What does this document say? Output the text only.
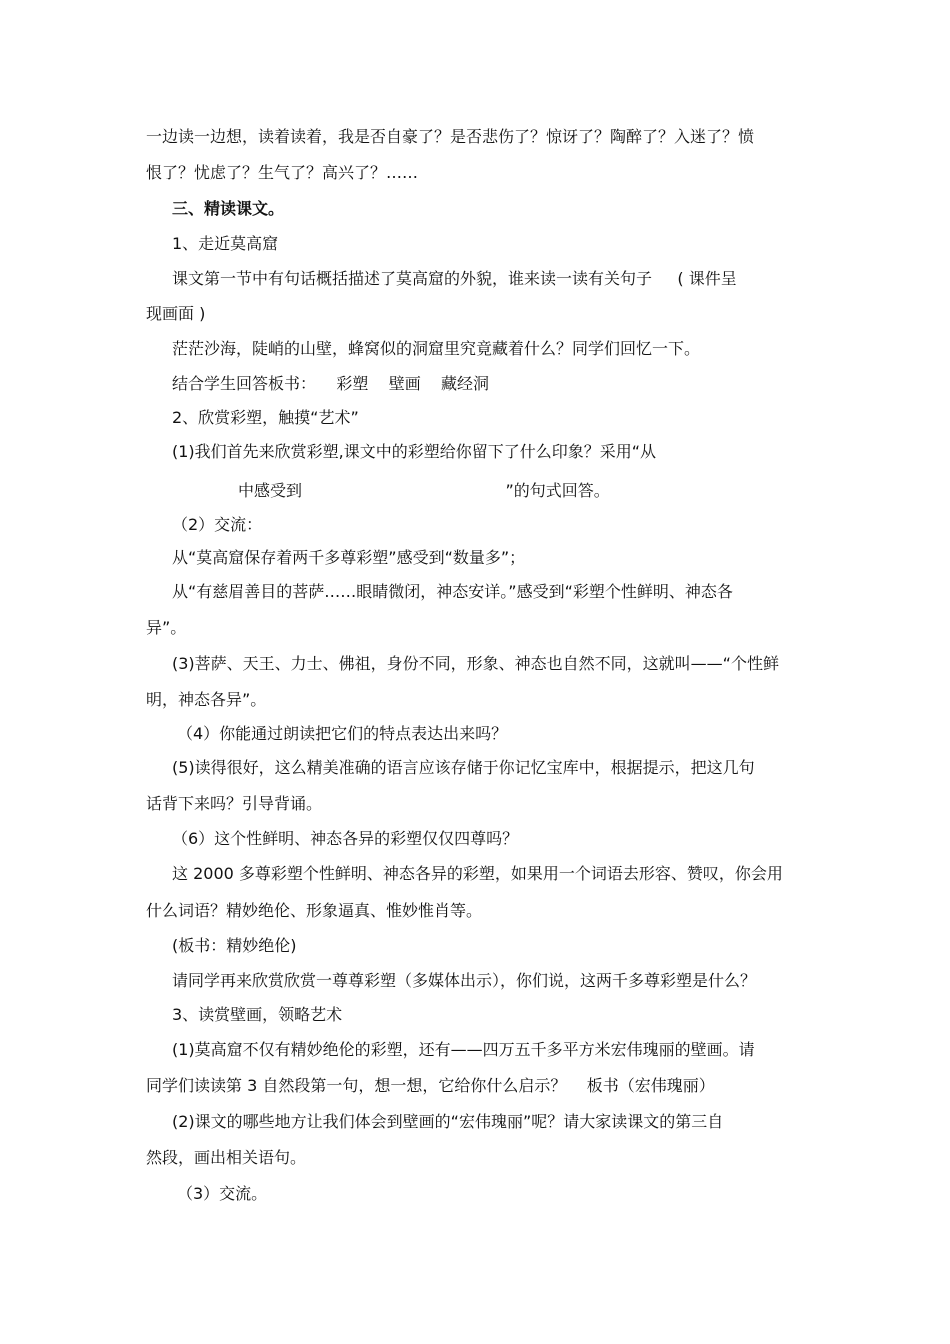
一边读一边想，读着读着，我是否自豪了？是否悲伤了？惊讶了？陶醉了？入迷了？愤
恨了？忧虑了？生气了？高兴了？……
三、精读课文。
1、走近莫高窟
课文第一节中有句话概括描述了莫高窟的外貌，谁来读一读有关句子     ( 课件呈
现画面 )
茫茫沙海，陡峭的山壁，蜂窝似的洞窟里究竟藏着什么？同学们回忆一下。
结合学生回答板书：    彩塑    壁画    藏经洞
2、欣赏彩塑，触摸“艺术”
(1)我们首先来欣赏彩塑,课文中的彩塑给你留下了什么印象？采用“从
中感受到                                        ”的句式回答。
（2）交流：
从“莫高窟保存着两千多尊彩塑”感受到“数量多”；
从“有慈眉善目的菩萨……眼睛微闭，神态安详。”感受到“彩塑个性鲜明、神态各
异”。
(3)菩萨、天王、力士、佛祖，身份不同，形象、神态也自然不同，这就叫——“个性鲜
明，神态各异”。
（4）你能通过朗读把它们的特点表达出来吗？
(5)读得很好，这么精美准确的语言应该存储于你记忆宝库中，根据提示，把这几句
话背下来吗？引导背诵。
（6）这个性鲜明、神态各异的彩塑仅仅四尊吗？
这 2000 多尊彩塑个性鲜明、神态各异的彩塑，如果用一个词语去形容、赞叹，你会用
什么词语？精妙绝伦、形象逼真、惟妙惟肖等。
(板书：精妙绝伦)
请同学再来欣赏欣赏一尊尊彩塑（多媒体出示），你们说，这两千多尊彩塑是什么？
3、读赏壁画，领略艺术
(1)莫高窟不仅有精妙绝伦的彩塑，还有——四万五千多平方米宏伟瑰丽的壁画。请
同学们读读第 3 自然段第一句，想一想，它给你什么启示？    板书（宏伟瑰丽）
(2)课文的哪些地方让我们体会到壁画的“宏伟瑰丽”呢？请大家读课文的第三自
然段，画出相关语句。
（3）交流。
